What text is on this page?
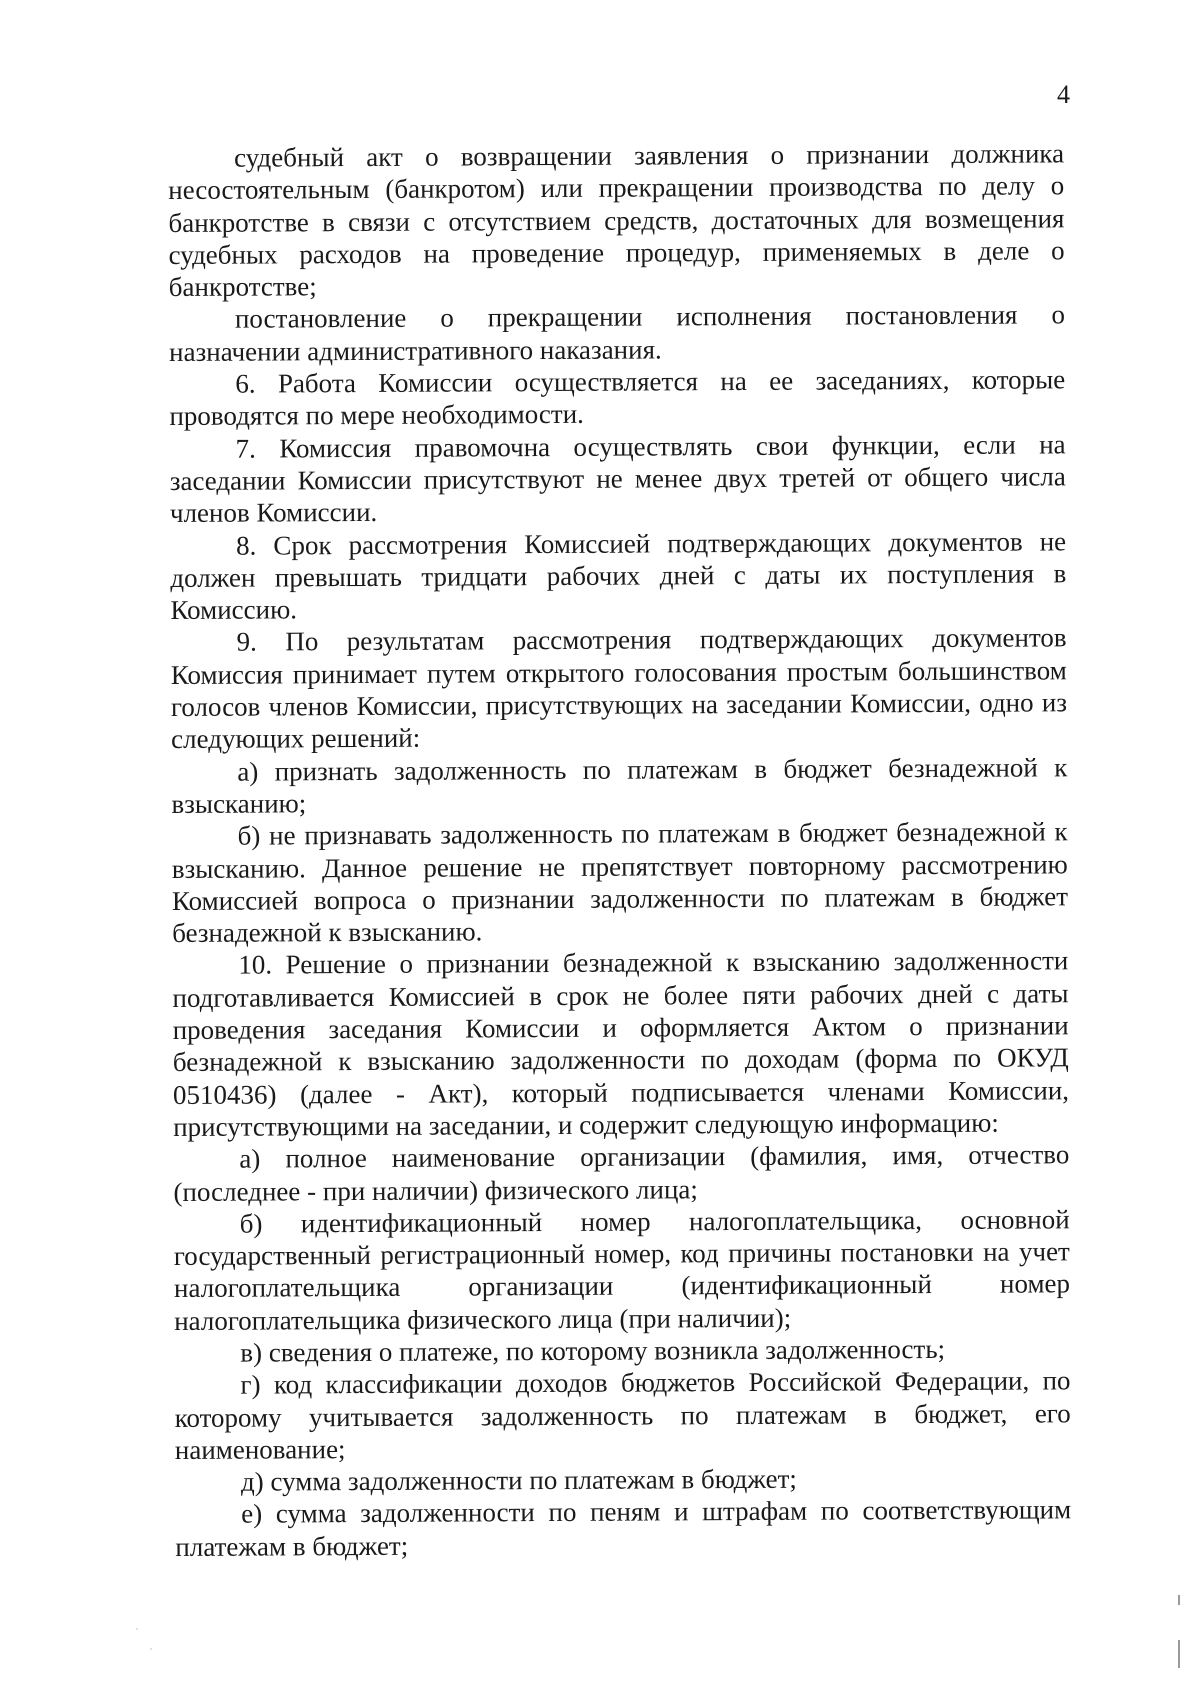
4

судебный акт о возвращении заявления о признании должника несостоятельным (банкротом) или прекращении производства по делу о банкротстве в связи с отсутствием средств, достаточных для возмещения судебных расходов на проведение процедур, применяемых в деле о банкротстве;

постановление о прекращении исполнения постановления о назначении административного наказания.

6. Работа Комиссии осуществляется на ее заседаниях, которые проводятся по мере необходимости.

7. Комиссия правомочна осуществлять свои функции, если на заседании Комиссии присутствуют не менее двух третей от общего числа членов Комиссии.

8. Срок рассмотрения Комиссией подтверждающих документов не должен превышать тридцати рабочих дней с даты их поступления в Комиссию.

9. По результатам рассмотрения подтверждающих документов Комиссия принимает путем открытого голосования простым большинством голосов членов Комиссии, присутствующих на заседании Комиссии, одно из следующих решений:

а) признать задолженность по платежам в бюджет безнадежной к взысканию;

б) не признавать задолженность по платежам в бюджет безнадежной к взысканию. Данное решение не препятствует повторному рассмотрению Комиссией вопроса о признании задолженности по платежам в бюджет безнадежной к взысканию.

10. Решение о признании безнадежной к взысканию задолженности подготавливается Комиссией в срок не более пяти рабочих дней с даты проведения заседания Комиссии и оформляется Актом о признании безнадежной к взысканию задолженности по доходам (форма по ОКУД 0510436) (далее - Акт), который подписывается членами Комиссии, присутствующими на заседании, и содержит следующую информацию:

а) полное наименование организации (фамилия, имя, отчество (последнее - при наличии) физического лица;

б) идентификационный номер налогоплательщика, основной государственный регистрационный номер, код причины постановки на учет налогоплательщика организации (идентификационный номер налогоплательщика физического лица (при наличии);

в) сведения о платеже, по которому возникла задолженность;

г) код классификации доходов бюджетов Российской Федерации, по которому учитывается задолженность по платежам в бюджет, его наименование;

д) сумма задолженности по платежам в бюджет;

е) сумма задолженности по пеням и штрафам по соответствующим платежам в бюджет;
